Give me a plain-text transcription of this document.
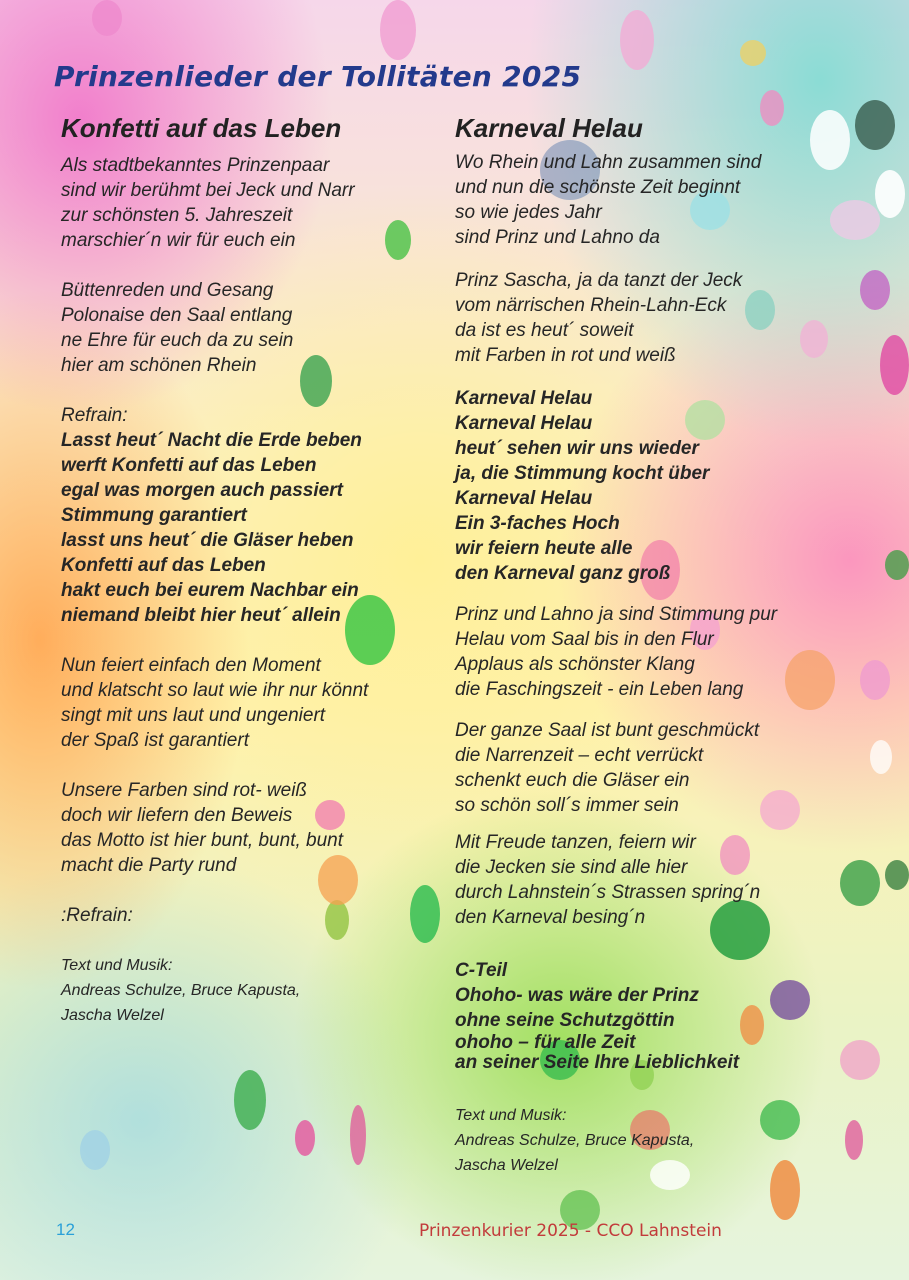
Prinzenlieder der Tollitäten 2025
Konfetti auf das Leben
Als stadtbekanntes Prinzenpaar
sind wir berühmt bei Jeck und Narr
zur schönsten 5. Jahreszeit
marschier´n wir für euch ein
Büttenreden und Gesang
Polonaise den Saal entlang
ne Ehre für euch da zu sein
hier am schönen Rhein
Refrain:
Lasst heut´ Nacht die Erde beben
werft Konfetti auf das Leben
egal was morgen auch passiert
Stimmung garantiert
lasst uns heut´ die Gläser heben
Konfetti auf das Leben
hakt euch bei eurem Nachbar ein
niemand bleibt hier heut´ allein
Nun feiert einfach den Moment
und klatscht so laut wie ihr nur könnt
singt mit uns laut und ungeniert
der Spaß ist garantiert
Unsere Farben sind rot- weiß
doch wir liefern den Beweis
das Motto ist hier bunt, bunt, bunt
macht die Party rund
:Refrain:
Text und Musik:
Andreas Schulze, Bruce Kapusta,
Jascha Welzel
Karneval Helau
Wo Rhein und Lahn zusammen sind
und nun die schönste Zeit beginnt
so wie jedes Jahr
sind Prinz und Lahno da
Prinz Sascha, ja da tanzt der Jeck
vom närrischen Rhein-Lahn-Eck
da ist es heut´ soweit
mit Farben in rot und weiß
Karneval Helau
Karneval Helau
heut´ sehen wir uns wieder
ja, die Stimmung kocht über
Karneval Helau
Ein 3-faches Hoch
wir feiern heute alle
den Karneval ganz groß
Prinz und Lahno ja sind Stimmung pur
Helau vom Saal bis in den Flur
Applaus als schönster Klang
die Faschingszeit - ein Leben lang
Der ganze Saal ist bunt geschmückt
die Narrenzeit – echt verrückt
schenkt euch die Gläser ein
so schön soll´s immer sein
Mit Freude tanzen, feiern wir
die Jecken sie sind alle hier
durch Lahnstein´s Strassen spring´n
den Karneval besing´n
C-Teil
Ohoho- was wäre der Prinz
ohne seine Schutzgöttin
ohoho – für alle Zeit
an seiner Seite Ihre Lieblichkeit
Text und Musik:
Andreas Schulze, Bruce Kapusta,
Jascha Welzel
12	Prinzenkurier 2025 - CCO Lahnstein
